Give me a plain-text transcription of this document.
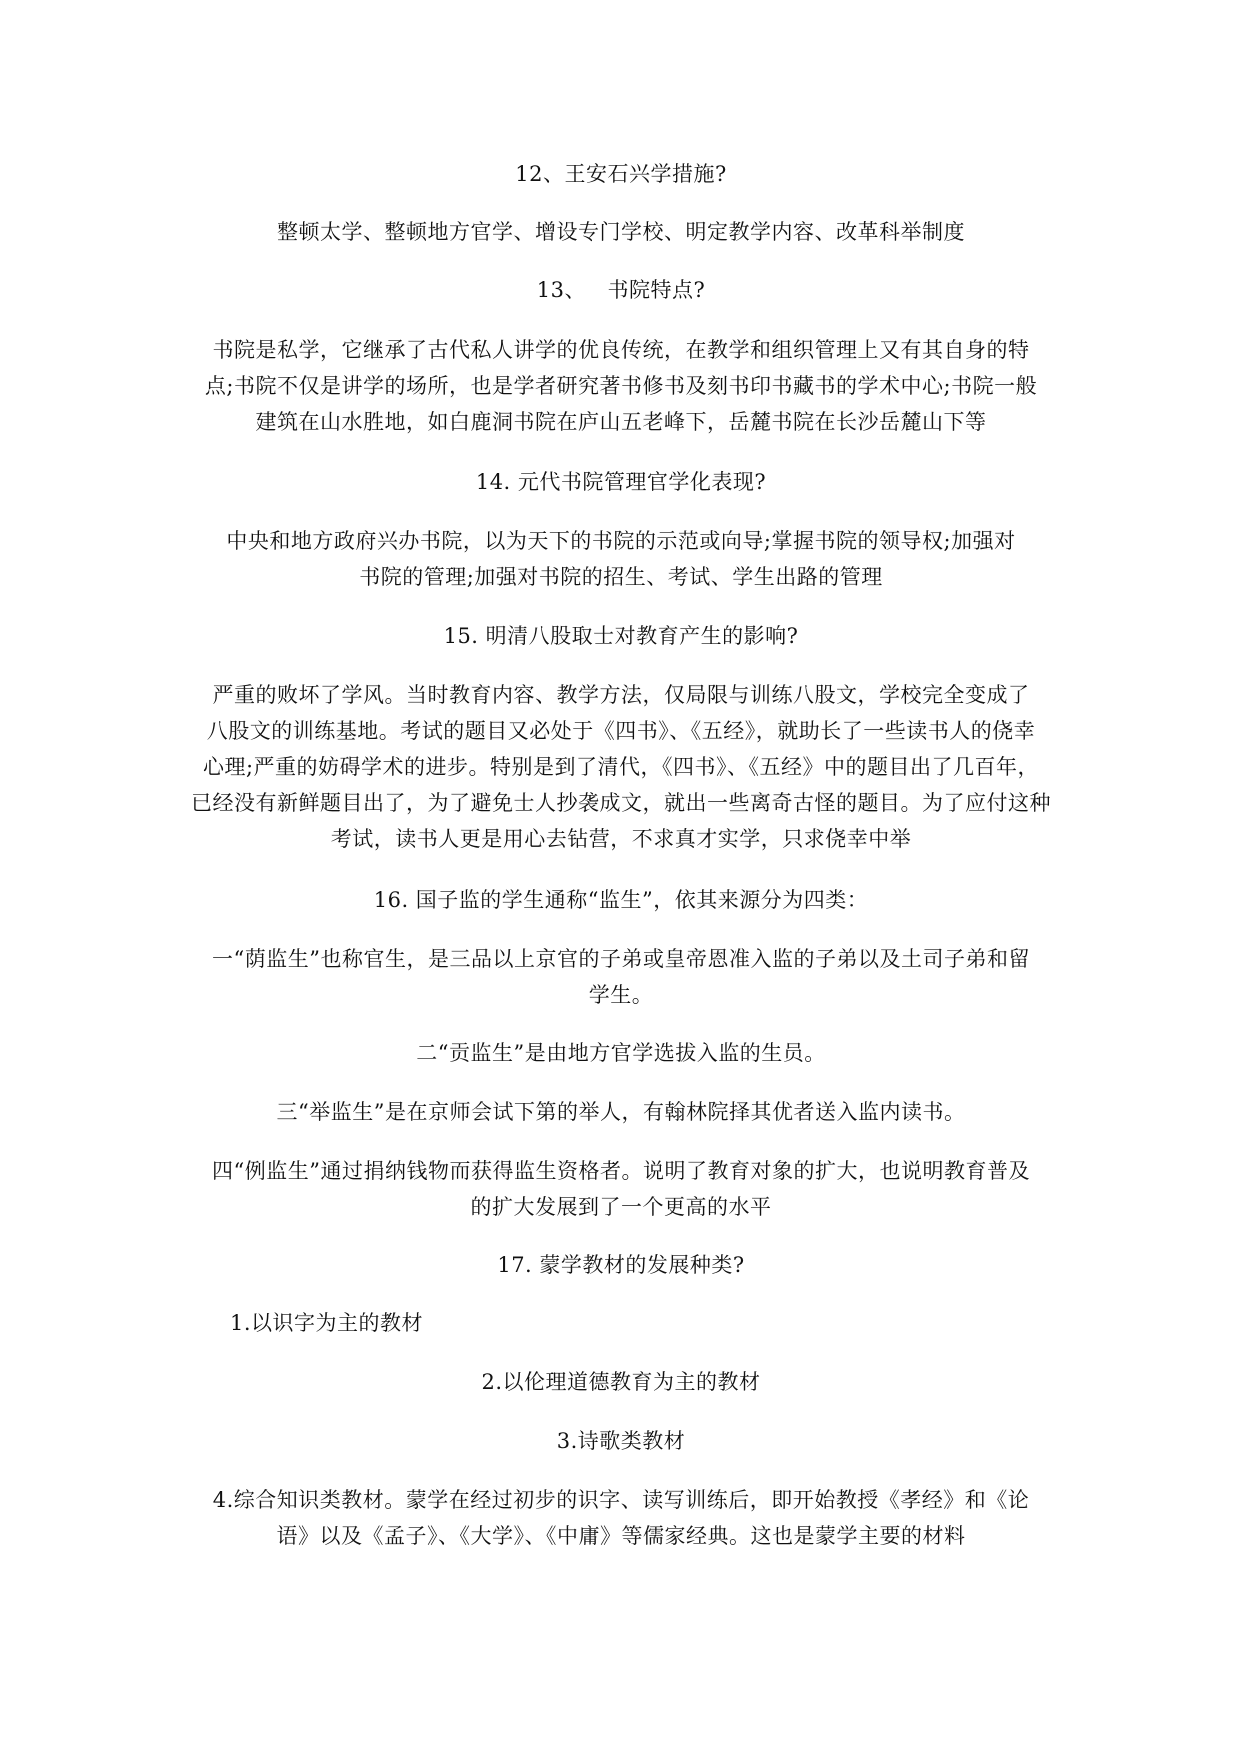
12、王安石兴学措施?
整顿太学、整顿地方官学、增设专门学校、明定教学内容、改革科举制度
13、   书院特点?
书院是私学，它继承了古代私人讲学的优良传统，在教学和组织管理上又有其自身的特
点;书院不仅是讲学的场所，也是学者研究著书修书及刻书印书藏书的学术中心;书院一般
建筑在山水胜地，如白鹿洞书院在庐山五老峰下，岳麓书院在长沙岳麓山下等
14. 元代书院管理官学化表现?
中央和地方政府兴办书院，以为天下的书院的示范或向导;掌握书院的领导权;加强对
书院的管理;加强对书院的招生、考试、学生出路的管理
15. 明清八股取士对教育产生的影响?
严重的败坏了学风。当时教育内容、教学方法，仅局限与训练八股文，学校完全变成了
八股文的训练基地。考试的题目又必处于《四书》、《五经》，就助长了一些读书人的侥幸
心理;严重的妨碍学术的进步。特别是到了清代，《四书》、《五经》中的题目出了几百年，
已经没有新鲜题目出了，为了避免士人抄袭成文，就出一些离奇古怪的题目。为了应付这种
考试，读书人更是用心去钻营，不求真才实学，只求侥幸中举
16. 国子监的学生通称“监生”，依其来源分为四类：
一“荫监生”也称官生，是三品以上京官的子弟或皇帝恩准入监的子弟以及土司子弟和留
学生。
二“贡监生”是由地方官学选拔入监的生员。
三“举监生”是在京师会试下第的举人，有翰林院择其优者送入监内读书。
四“例监生”通过捐纳钱物而获得监生资格者。说明了教育对象的扩大，也说明教育普及
的扩大发展到了一个更高的水平
17. 蒙学教材的发展种类?
1.以识字为主的教材
2.以伦理道德教育为主的教材
3.诗歌类教材
4.综合知识类教材。蒙学在经过初步的识字、读写训练后，即开始教授《孝经》和《论
语》以及《孟子》、《大学》、《中庸》等儒家经典。这也是蒙学主要的材料
